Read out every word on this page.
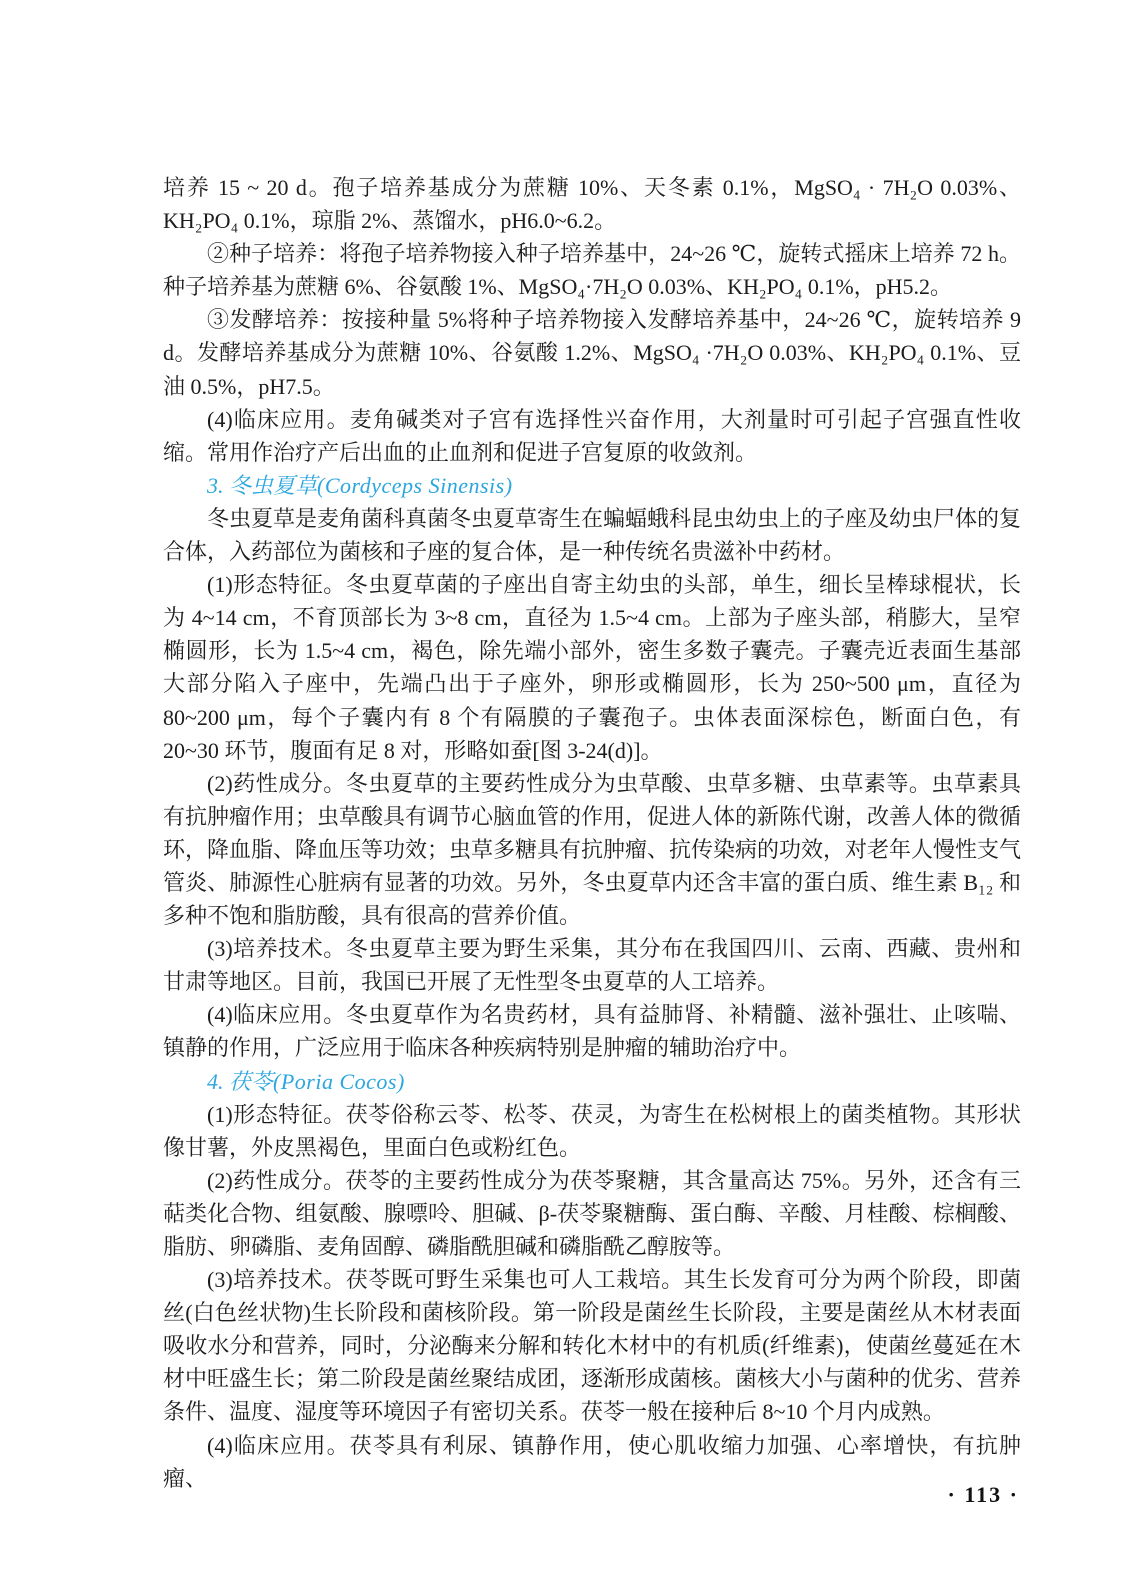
培养 15 ~ 20 d。孢子培养基成分为蔗糖 10%、天冬素 0.1%，MgSO₄ · 7H₂O 0.03%、KH₂PO₄ 0.1%，琼脂 2%、蒸馏水，pH6.0~6.2。

②种子培养：将孢子培养物接入种子培养基中，24~26 ℃，旋转式摇床上培养 72 h。种子培养基为蔗糖 6%、谷氨酸 1%、MgSO₄·7H₂O 0.03%、KH₂PO₄ 0.1%，pH5.2。

③发酵培养：按接种量 5%将种子培养物接入发酵培养基中，24~26 ℃，旋转培养 9 d。发酵培养基成分为蔗糖 10%、谷氨酸 1.2%、MgSO₄ ·7H₂O 0.03%、KH₂PO₄ 0.1%、豆油 0.5%，pH7.5。

(4)临床应用。麦角碱类对子宫有选择性兴奋作用，大剂量时可引起子宫强直性收缩。常用作治疗产后出血的止血剂和促进子宫复原的收敛剂。

3. 冬虫夏草(Cordyceps Sinensis)

冬虫夏草是麦角菌科真菌冬虫夏草寄生在蝙蝠蛾科昆虫幼虫上的子座及幼虫尸体的复合体，入药部位为菌核和子座的复合体，是一种传统名贵滋补中药材。

(1)形态特征。冬虫夏草菌的子座出自寄主幼虫的头部，单生，细长呈棒球棍状，长为 4~14 cm，不育顶部长为 3~8 cm，直径为 1.5~4 cm。上部为子座头部，稍膨大，呈窄椭圆形，长为 1.5~4 cm，褐色，除先端小部外，密生多数子囊壳。子囊壳近表面生基部大部分陷入子座中，先端凸出于子座外，卵形或椭圆形，长为 250~500 μm，直径为 80~200 μm，每个子囊内有 8 个有隔膜的子囊孢子。虫体表面深棕色，断面白色，有 20~30 环节，腹面有足 8 对，形略如蚕[图 3-24(d)]。

(2)药性成分。冬虫夏草的主要药性成分为虫草酸、虫草多糖、虫草素等。虫草素具有抗肿瘤作用；虫草酸具有调节心脑血管的作用，促进人体的新陈代谢，改善人体的微循环，降血脂、降血压等功效；虫草多糖具有抗肿瘤、抗传染病的功效，对老年人慢性支气管炎、肺源性心脏病有显著的功效。另外，冬虫夏草内还含丰富的蛋白质、维生素 B₁₂ 和多种不饱和脂肪酸，具有很高的营养价值。

(3)培养技术。冬虫夏草主要为野生采集，其分布在我国四川、云南、西藏、贵州和甘肃等地区。目前，我国已开展了无性型冬虫夏草的人工培养。

(4)临床应用。冬虫夏草作为名贵药材，具有益肺肾、补精髓、滋补强壮、止咳喘、镇静的作用，广泛应用于临床各种疾病特别是肿瘤的辅助治疗中。

4. 茯苓(Poria Cocos)

(1)形态特征。茯苓俗称云苓、松苓、茯灵，为寄生在松树根上的菌类植物。其形状像甘薯，外皮黑褐色，里面白色或粉红色。

(2)药性成分。茯苓的主要药性成分为茯苓聚糖，其含量高达 75%。另外，还含有三萜类化合物、组氨酸、腺嘌呤、胆碱、β-茯苓聚糖酶、蛋白酶、辛酸、月桂酸、棕榈酸、脂肪、卵磷脂、麦角固醇、磷脂酰胆碱和磷脂酰乙醇胺等。

(3)培养技术。茯苓既可野生采集也可人工栽培。其生长发育可分为两个阶段，即菌丝(白色丝状物)生长阶段和菌核阶段。第一阶段是菌丝生长阶段，主要是菌丝从木材表面吸收水分和营养，同时，分泌酶来分解和转化木材中的有机质(纤维素)，使菌丝蔓延在木材中旺盛生长；第二阶段是菌丝聚结成团，逐渐形成菌核。菌核大小与菌种的优劣、营养条件、温度、湿度等环境因子有密切关系。茯苓一般在接种后 8~10 个月内成熟。

(4)临床应用。茯苓具有利尿、镇静作用，使心肌收缩力加强、心率增快，有抗肿瘤、

· 113 ·
